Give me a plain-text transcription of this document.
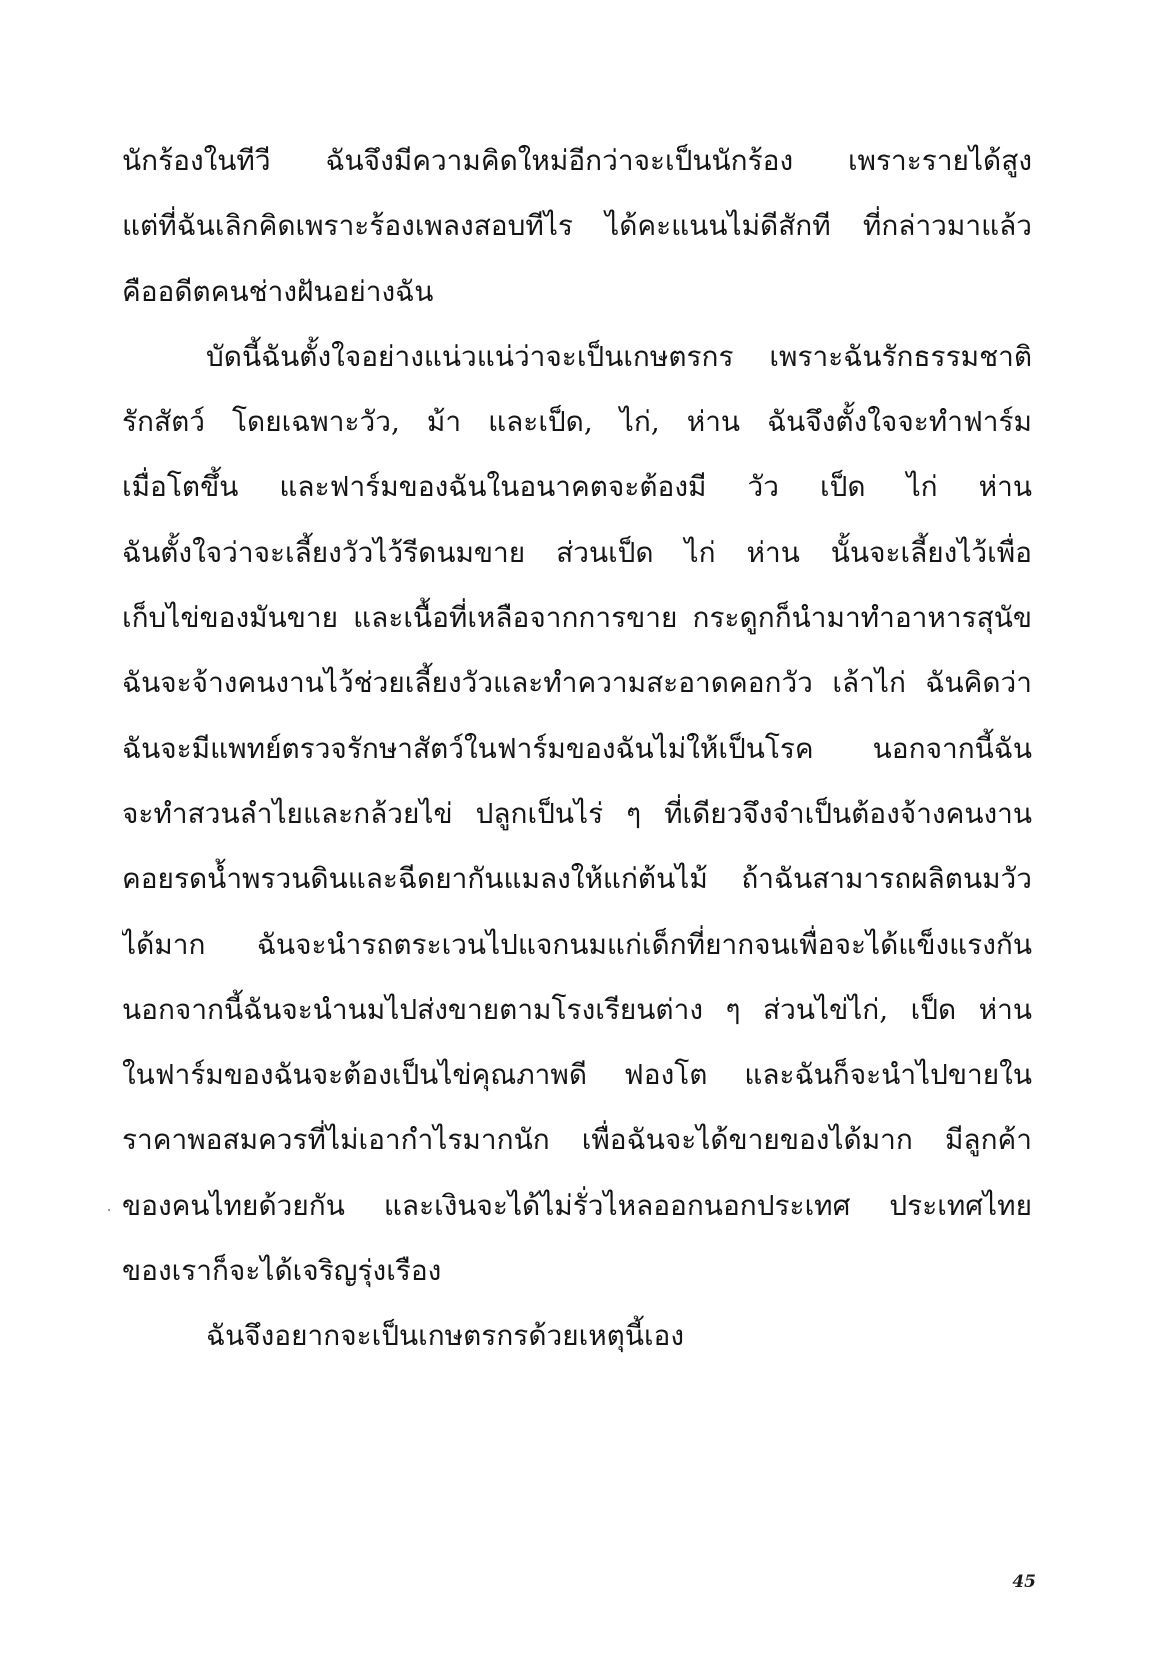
นักร้องในทีวี ฉันจึงมีความคิดใหม่อีกว่าจะเป็นนักร้อง เพราะรายได้สูง
แต่ที่ฉันเลิกคิดเพราะร้องเพลงสอบทีไร ได้คะแนนไม่ดีสักที ที่กล่าวมาแล้ว
คืออดีตคนช่างฝันอย่างฉัน
บัดนี้ฉันตั้งใจอย่างแน่วแน่ว่าจะเป็นเกษตรกร เพราะฉันรักธรรมชาติ
รักสัตว์ โดยเฉพาะวัว, ม้า และเป็ด, ไก่, ห่าน ฉันจึงตั้งใจจะทำฟาร์ม
เมื่อโตขึ้น และฟาร์มของฉันในอนาคตจะต้องมี วัว เป็ด ไก่ ห่าน
ฉันตั้งใจว่าจะเลี้ยงวัวไว้รีดนมขาย ส่วนเป็ด ไก่ ห่าน นั้นจะเลี้ยงไว้เพื่อ
เก็บไข่ของมันขาย และเนื้อที่เหลือจากการขาย กระดูกก็นำมาทำอาหารสุนัข
ฉันจะจ้างคนงานไว้ช่วยเลี้ยงวัวและทำความสะอาดคอกวัว เล้าไก่ ฉันคิดว่า
ฉันจะมีแพทย์ตรวจรักษาสัตว์ในฟาร์มของฉันไม่ให้เป็นโรค นอกจากนี้ฉัน
จะทำสวนลำไยและกล้วยไข่ ปลูกเป็นไร่ ๆ ที่เดียวจึงจำเป็นต้องจ้างคนงาน
คอยรดน้ำพรวนดินและฉีดยากันแมลงให้แก่ต้นไม้ ถ้าฉันสามารถผลิตนมวัว
ได้มาก ฉันจะนำรถตระเวนไปแจกนมแก่เด็กที่ยากจนเพื่อจะได้แข็งแรงกัน
นอกจากนี้ฉันจะนำนมไปส่งขายตามโรงเรียนต่าง ๆ ส่วนไข่ไก่, เป็ด ห่าน
ในฟาร์มของฉันจะต้องเป็นไข่คุณภาพดี ฟองโต และฉันก็จะนำไปขายใน
ราคาพอสมควรที่ไม่เอากำไรมากนัก เพื่อฉันจะได้ขายของได้มาก มีลูกค้า
ของคนไทยด้วยกัน และเงินจะได้ไม่รั่วไหลออกนอกประเทศ ประเทศไทย
ของเราก็จะได้เจริญรุ่งเรือง
ฉันจึงอยากจะเป็นเกษตรกรด้วยเหตุนี้เอง
45
